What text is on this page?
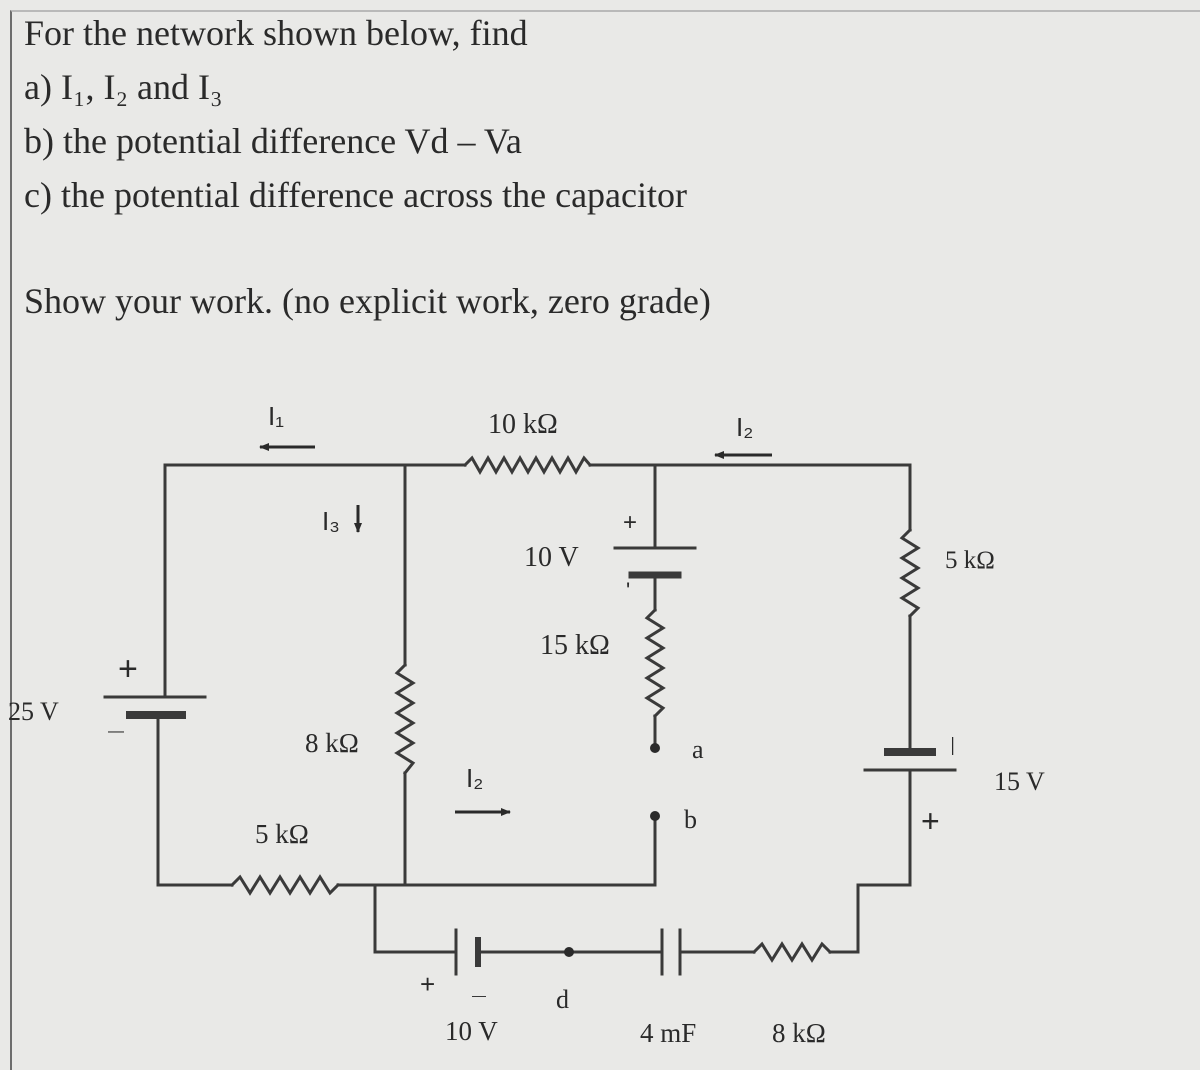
For the network shown below, find
a) I₁, I₂ and I₃
b) the potential difference Vd – Va
c) the potential difference across the capacitor
Show your work. (no explicit work, zero grade)
I₁	I₂
I₃
I₂
10 kΩ
5 kΩ
15 kΩ
8 kΩ
5 kΩ
8 kΩ
25 V
+
—
10 V
+
'
15 V
+
—
10 V
+	—
4 mF
a
b
d
